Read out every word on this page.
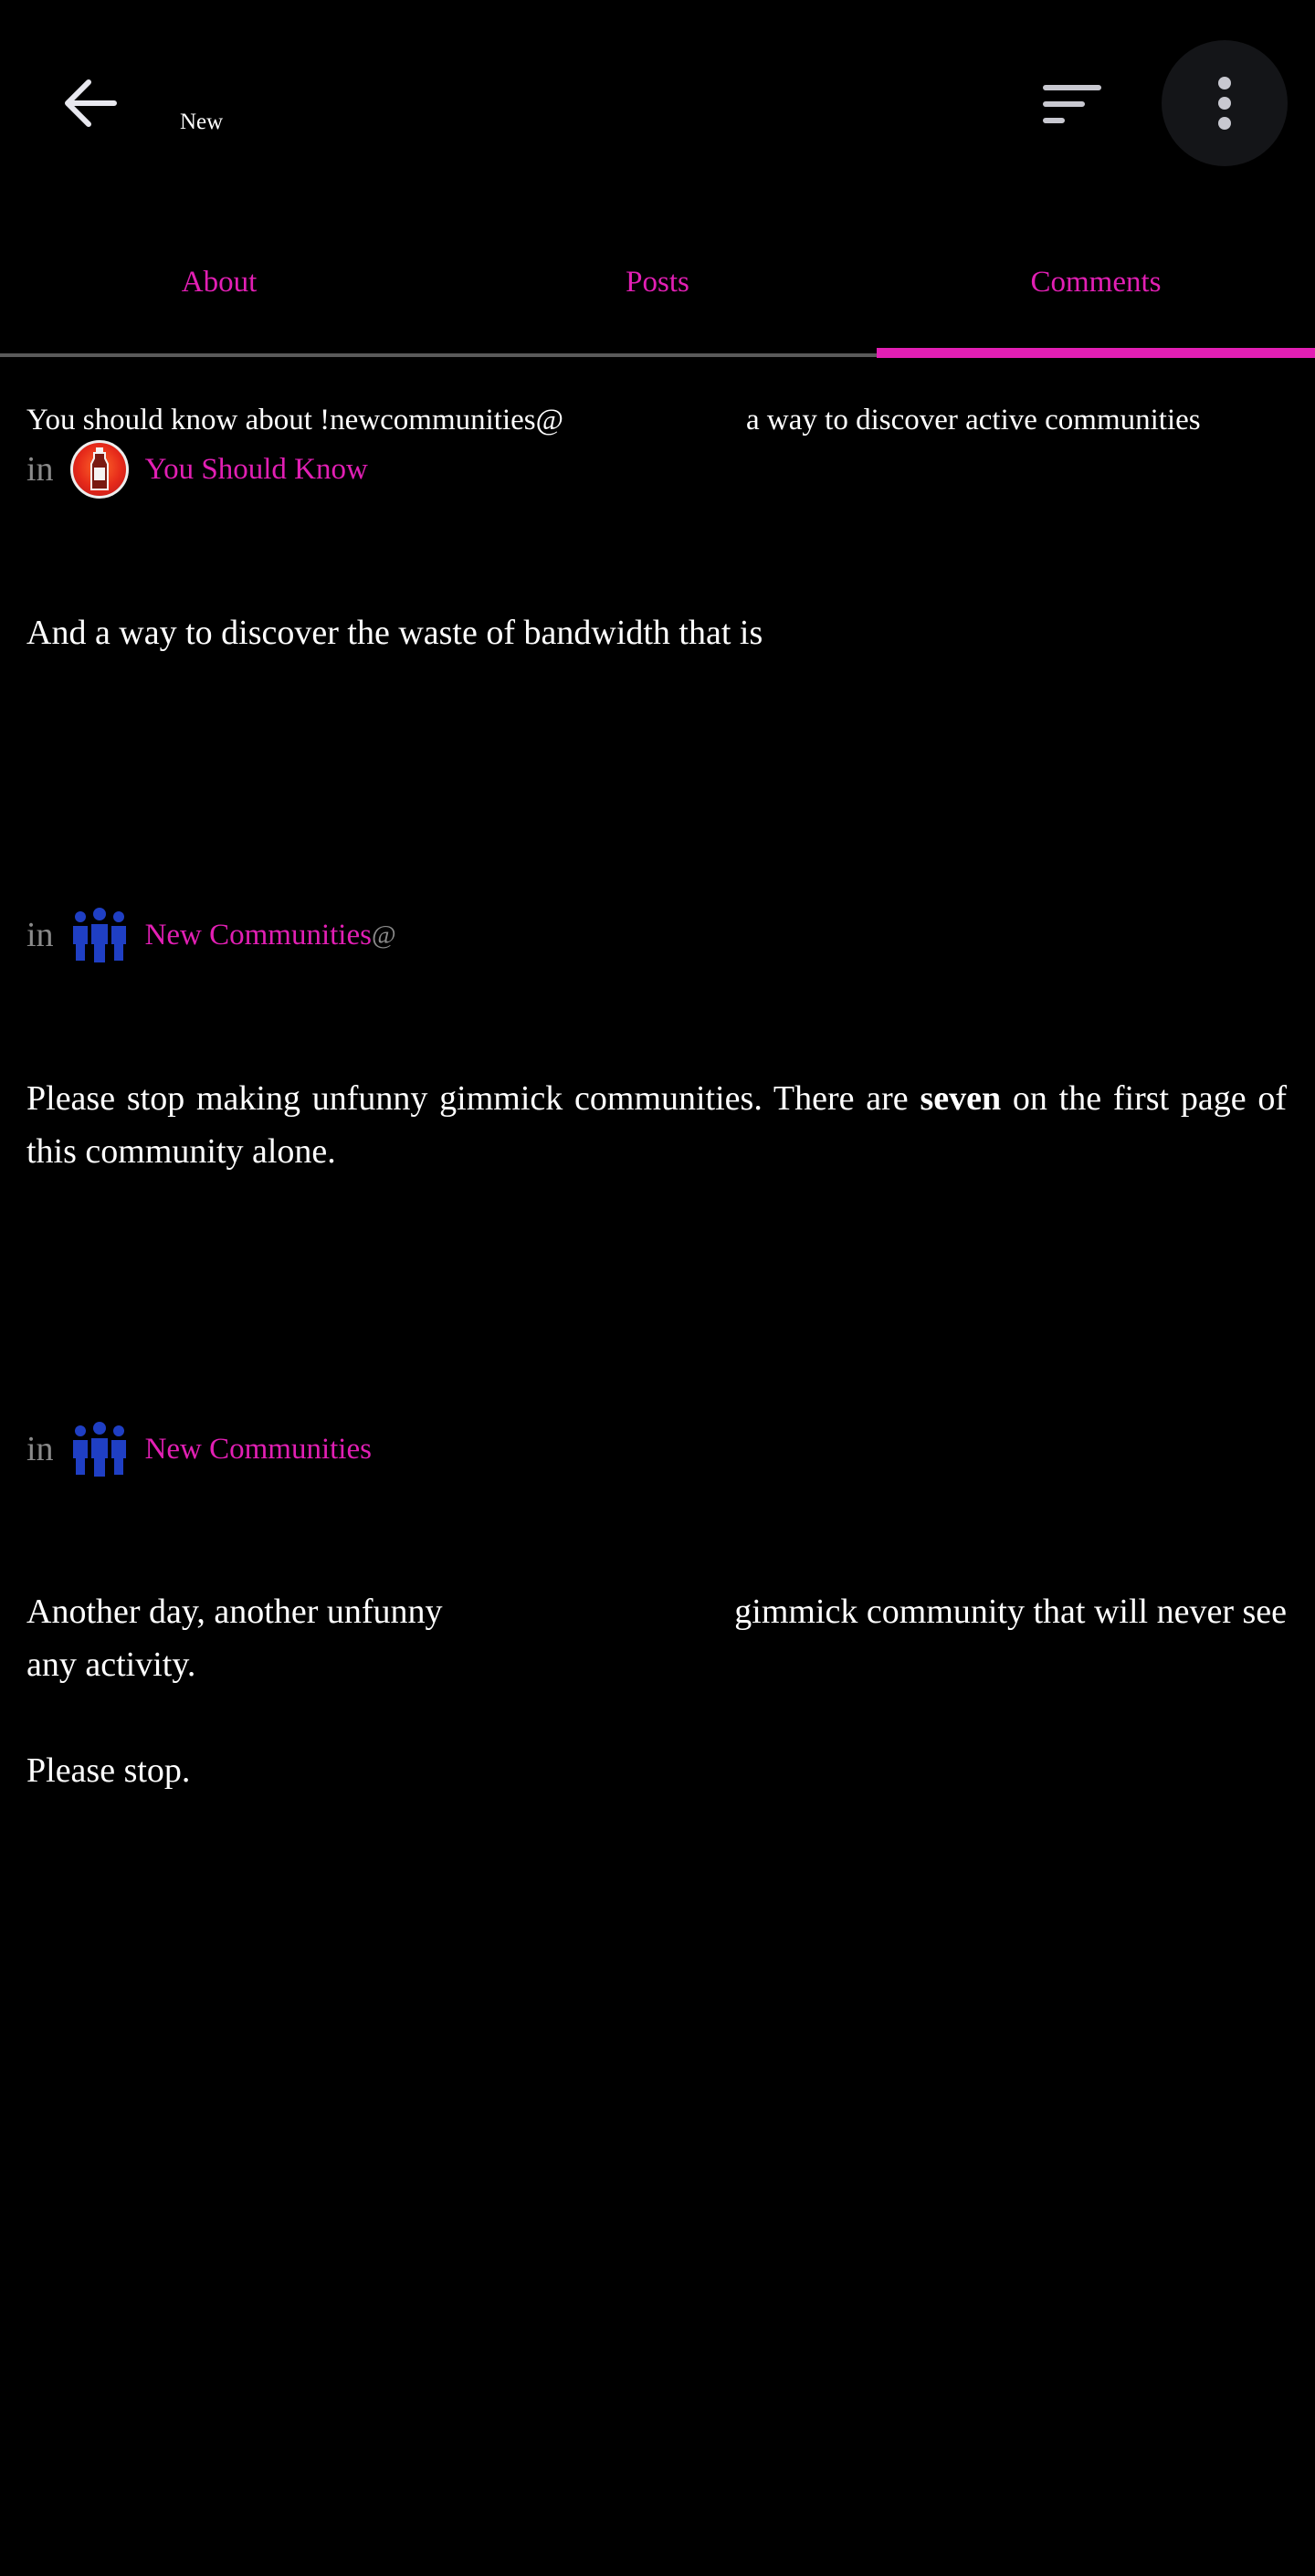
New
About	Posts	Comments
You should know about !newcommunities@	a way to discover active communities
in	You Should Know

And a way to discover the waste of bandwidth that is

in	New Communities @

Please stop making unfunny gimmick communities. There are seven on the first page of this community alone.

in	New Communities
Another day, another unfunny	gimmick community that will never see
any activity.
Please stop.
